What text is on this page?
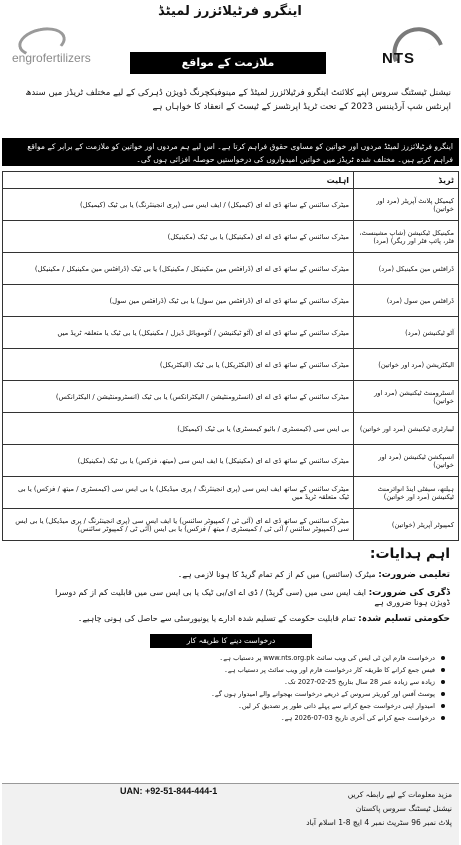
اینگرو فرٹیلائزرز لمیٹڈ
engrofertilizers	ملازمت کے مواقع	NTS
نیشنل ٹیسٹنگ سروس اپنے کلائنٹ اینگرو فرٹیلائزرز لمیٹڈ کے مینوفیکچرنگ ڈویژن ڈہرکی کے لیے مختلف ٹریڈز میں سندھ اپرنٹس شپ آرڈیننس 2023 کے تحت ٹریڈ اپرنٹسز کے ٹیسٹ کے انعقاد کا خواہاں ہے
اینگرو فرٹیلائزرز لمیٹڈ مردوں اور خواتین کو مساوی حقوق فراہم کرتا ہے۔ اس لیے ہم مردوں اور خواتین کو ملازمت کے برابر کے مواقع فراہم کرتے ہیں۔ مختلف شدہ ٹریڈز میں خواتین امیدواروں کی درخواستیں حوصلہ افزائی ہوں گی۔
ٹریڈ	اہلیت
کیمیکل پلانٹ آپریٹر (مرد اور خواتین)	میٹرک سائنس کے ساتھ ڈی اے ای (کیمیکل) / ایف ایس سی (پری انجینئرنگ) یا بی ٹیک (کیمیکل)
مکینیکل ٹیکنیشن (شاپ مشینسٹ، فٹر، پائپ فٹر اور ریگر) (مرد)	میٹرک سائنس کے ساتھ ڈی اے ای (مکینیکل) یا بی ٹیک (مکینیکل)
ڈرافٹس مین مکینیکل (مرد)	میٹرک سائنس کے ساتھ ڈی اے ای (ڈرافٹس مین مکینیکل / مکینیکل) یا بی ٹیک (ڈرافٹس مین مکینیکل / مکینیکل)
ڈرافٹس مین سول (مرد)	میٹرک سائنس کے ساتھ ڈی اے ای (ڈرافٹس مین سول) یا بی ٹیک (ڈرافٹس مین سول)
آٹو ٹیکنیشن (مرد)	میٹرک سائنس کے ساتھ ڈی اے ای (آٹو ٹیکنیشن / آٹوموبائل ڈیزل / مکینیکل) یا بی ٹیک یا متعلقہ ٹریڈ میں
الیکٹریشن (مرد اور خواتین)	میٹرک سائنس کے ساتھ ڈی اے ای (الیکٹریکل) یا بی ٹیک (الیکٹریکل)
انسٹرومنٹ ٹیکنیشن (مرد اور خواتین)	میٹرک سائنس کے ساتھ ڈی اے ای (انسٹرومنٹیشن / الیکٹرانکس) یا بی ٹیک (انسٹرومنٹیشن / الیکٹرانکس)
لیبارٹری ٹیکنیشن (مرد اور خواتین)	بی ایس سی (کیمسٹری / بائیو کیمسٹری) یا بی ٹیک (کیمیکل)
انسپکشن ٹیکنیشن (مرد اور خواتین)	میٹرک سائنس کے ساتھ ڈی اے ای (مکینیکل) یا ایف ایس سی (میتھ، فزکس) یا بی ٹیک (مکینیکل)
ہیلتھ، سیفٹی اینڈ انوائرمنٹ ٹیکنیشن (مرد اور خواتین)	میٹرک سائنس کے ساتھ ایف ایس سی (پری انجینئرنگ / پری میڈیکل) یا بی ایس سی (کیمسٹری / میتھ / فزکس) یا بی ٹیک متعلقہ ٹریڈ میں
کمپیوٹر آپریٹر (خواتین)	میٹرک سائنس کے ساتھ ڈی اے ای (آئی ٹی / کمپیوٹر سائنس) یا ایف ایس سی (پری انجینئرنگ / پری میڈیکل) یا بی ایس سی (کمپیوٹر سائنس / آئی ٹی / کمیسٹری / میتھ / فزکس) یا بی ایس (آئی ٹی / کمپیوٹر سائنس)
اہم ہدایات:
تعلیمی ضرورت: میٹرک (سائنس) میں کم از کم تمام گریڈ کا ہونا لازمی ہے۔
ڈگری کی ضرورت: ایف ایس سی میں (سی گریڈ) / ڈی اے ای/بی ٹیک یا بی ایس سی میں قابلیت کم از کم دوسرا ڈویژن ہونا ضروری ہے
حکومتی تسلیم شدہ: تمام قابلیت حکومت کے تسلیم شدہ ادارے یا یونیورسٹی سے حاصل کی ہونی چاہیے۔
درخواست دینے کا طریقہ کار
درخواست فارم این ٹی ایس کی ویب سائٹ www.nts.org.pk پر دستیاب ہے۔
فیس جمع کرانے کا طریقہ کار درخواست فارم اور ویب سائٹ پر دستیاب ہے۔
زیادہ سے زیادہ عمر 28 سال بتاریخ 25-02-2027 تک۔
پوسٹ آفس اور کوریئر سروس کے ذریعے درخواست بھجوانے والے امیدوار ہوں گے۔
امیدوار اپنی درخواست جمع کرانے سے پہلے ذاتی طور پر تصدیق کر لیں۔
درخواست جمع کرانے کی آخری تاریخ 03-07-2026 ہے۔
مزید معلومات کے لیے رابطہ کریں
نیشنل ٹیسٹنگ سروس پاکستان
پلاٹ نمبر 96 سٹریٹ نمبر 4 ایچ 8-1 اسلام آباد
UAN: +92-51-844-444-1
